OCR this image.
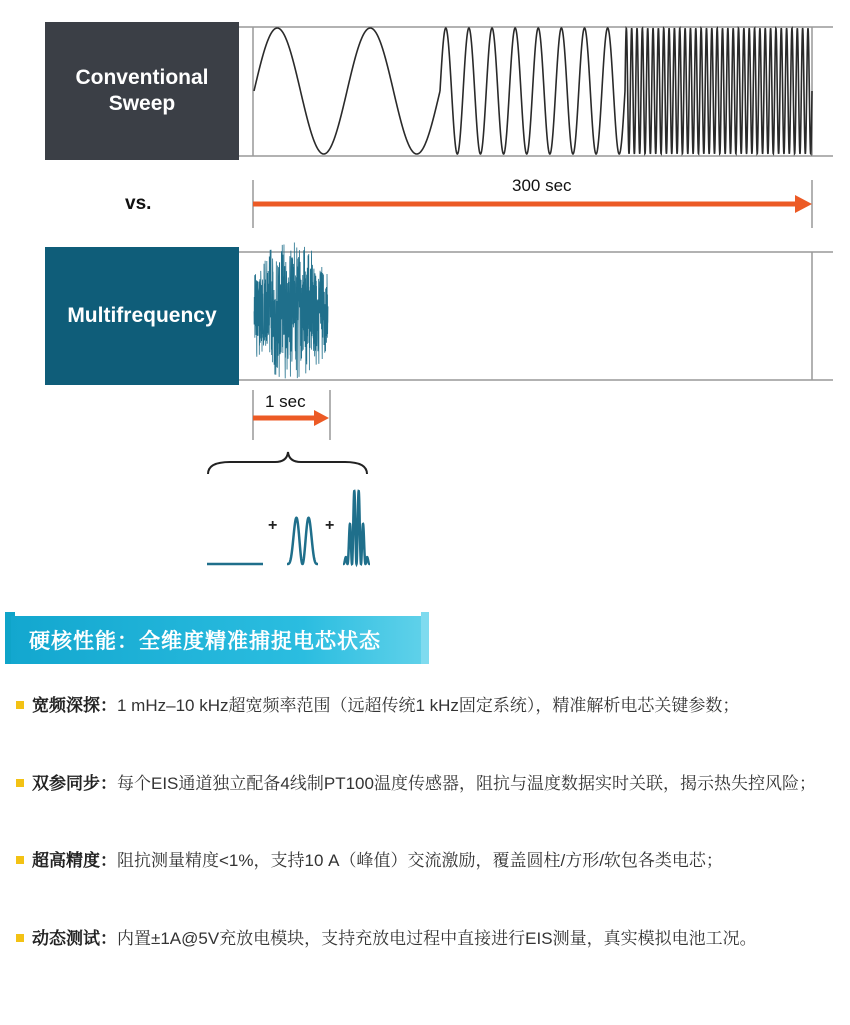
+	+
Conventional
Sweep
vs.
300 sec
Multifrequency
1 sec
硬核性能：全维度精准捕捉电芯状态
宽频深探：1 mHz–10 kHz超宽频率范围（远超传统1 kHz固定系统），精准解析电芯关键参数；
双参同步：每个EIS通道独立配备4线制PT100温度传感器，阻抗与温度数据实时关联，揭示热失控风险；
超高精度：阻抗测量精度<1%，支持10 A（峰值）交流激励，覆盖圆柱/方形/软包各类电芯；
动态测试：内置±1A@5V充放电模块，支持充放电过程中直接进行EIS测量，真实模拟电池工况。
